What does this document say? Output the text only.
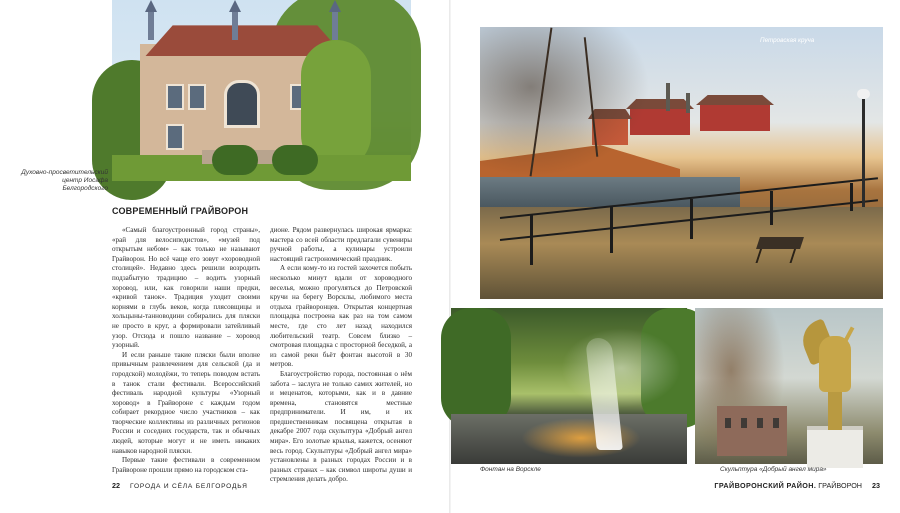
Духовно-просветительский центр Иосафа Белгородского
СОВРЕМЕННЫЙ ГРАЙВОРОН

«Самый благоустроенный город страны», «рай для велосипедистов», «музей под открытым небом» – как только не называют Грайворон. Но всё чаще его зовут «хороводной столицей». Недавно здесь решили возродить подзабытую традицию – водить узорный хоровод, или, как говорили наши предки, «кривой танок». Традиция уходит своими корнями в глубь веков, когда плясовщицы и хольцыны-танноводини собирались для пляски не просто в круг, а формировали затейливый узор. Отсюда и пошло название – хоровод узорный.

И если раньше такие пляски были вполне привычным развлечением для сельской (да и городской) молодёжи, то теперь поводом встать в танок стали фестивали. Всероссийский фестиваль народной культуры «Узорный хоровод» в Грайвороне с каждым годом собирает рекордное число участников – как творческие коллективы из различных регионов России и соседних государств, так и обычных людей, которые могут и не иметь никаких навыков народной пляски.

Первые такие фестивали в современном Грайвороне прошли прямо на городском ста-

дионе. Рядом развернулась широкая ярмарка: мастера со всей области предлагали сувениры ручной работы, а кулинары устроили настоящий гастрономический праздник.

А если кому-то из гостей захочется побыть несколько минут вдали от хороводного веселья, можно прогуляться до Петровской кручи на берегу Ворсклы, любимого места отдыха грайворонцев. Открытая концертная площадка построена как раз на том самом месте, где сто лет назад находился любительский театр. Совсем близко – смотровая площадка с просторной беседкой, а из самой реки бьёт фонтан высотой в 30 метров.

Благоустройство города, постоянная о нём забота – заслуга не только самих жителей, но и меценатов, которыми, как и в давние времена, становятся местные предприниматели. И им, и их предшественникам посвящена открытая в декабре 2007 года скульптура «Добрый ангел мира». Его золотые крылья, кажется, осеняют весь город. Скульптуры «Добрый ангел мира» установлены в разных городах России и в разных странах – как символ широты души и стремления делать добро.

22 ГОРОДА И СЁЛА БЕЛГОРОДЬЯ
Петровская круча
Фонтан на Ворскле	Скульптура «Добрый ангел мира»
ГРАЙВОРОНСКИЙ РАЙОН. ГРАЙВОРОН 23
